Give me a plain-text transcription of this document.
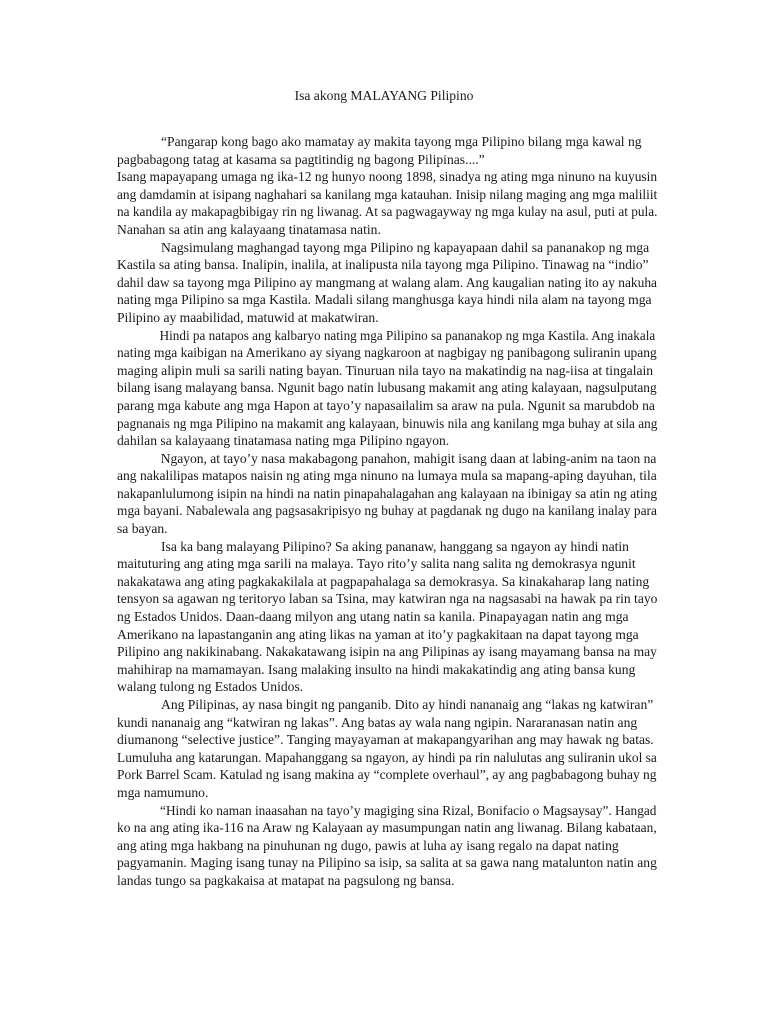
Isa akong MALAYANG Pilipino
“Pangarap kong bago ako mamatay ay makita tayong mga Pilipino bilang mga kawal ng
pagbabagong tatag at kasama sa pagtitindig ng bagong Pilipinas....”
Isang mapayapang umaga ng ika-12 ng hunyo noong 1898, sinadya ng ating mga ninuno na kuyusin
ang damdamin at isipang naghahari sa kanilang mga katauhan. Inisip nilang maging ang mga maliliit
na kandila ay makapagbibigay rin ng liwanag. At sa pagwagayway ng mga kulay na asul, puti at pula.
Nanahan sa atin ang kalayaang tinatamasa natin.
Nagsimulang maghangad tayong mga Pilipino ng kapayapaan dahil sa pananakop ng mga
Kastila sa ating bansa. Inalipin, inalila, at inalipusta nila tayong mga Pilipino. Tinawag na “indio”
dahil daw sa tayong mga Pilipino ay mangmang at walang alam. Ang kaugalian nating ito ay nakuha
nating mga Pilipino sa mga Kastila. Madali silang manghusga kaya hindi nila alam na tayong mga
Pilipino ay maabilidad, matuwid at makatwiran.
Hindi pa natapos ang kalbaryo nating mga Pilipino sa pananakop ng mga Kastila. Ang inakala
nating mga kaibigan na Amerikano ay siyang nagkaroon at nagbigay ng panibagong suliranin upang
maging alipin muli sa sarili nating bayan. Tinuruan nila tayo na makatindig na nag-iisa at tingalain
bilang isang malayang bansa. Ngunit bago natin lubusang makamit ang ating kalayaan, nagsulputang
parang mga kabute ang mga Hapon at tayo’y napasailalim sa araw na pula. Ngunit sa marubdob na
pagnanais ng mga Pilipino na makamit ang kalayaan, binuwis nila ang kanilang mga buhay at sila ang
dahilan sa kalayaang tinatamasa nating mga Pilipino ngayon.
Ngayon, at tayo’y nasa makabagong panahon, mahigit isang daan at labing-anim na taon na
ang nakalilipas matapos naisin ng ating mga ninuno na lumaya mula sa mapang-aping dayuhan, tila
nakapanlulumong isipin na hindi na natin pinapahalagahan ang kalayaan na ibinigay sa atin ng ating
mga bayani. Nabalewala ang pagsasakripisyo ng buhay at pagdanak ng dugo na kanilang inalay para
sa bayan.
Isa ka bang malayang Pilipino? Sa aking pananaw, hanggang sa ngayon ay hindi natin
maituturing ang ating mga sarili na malaya. Tayo rito’y salita nang salita ng demokrasya ngunit
nakakatawa ang ating pagkakakilala at pagpapahalaga sa demokrasya. Sa kinakaharap lang nating
tensyon sa agawan ng teritoryo laban sa Tsina, may katwiran nga na nagsasabi na hawak pa rin tayo
ng Estados Unidos. Daan-daang milyon ang utang natin sa kanila. Pinapayagan natin ang mga
Amerikano na lapastanganin ang ating likas na yaman at ito’y pagkakitaan na dapat tayong mga
Pilipino ang nakikinabang. Nakakatawang isipin na ang Pilipinas ay isang mayamang bansa na may
mahihirap na mamamayan. Isang malaking insulto na hindi makakatindig ang ating bansa kung
walang tulong ng Estados Unidos.
Ang Pilipinas, ay nasa bingit ng panganib. Dito ay hindi nananaig ang “lakas ng katwiran”
kundi nananaig ang “katwiran ng lakas”. Ang batas ay wala nang ngipin. Nararanasan natin ang
diumanong “selective justice”. Tanging mayayaman at makapangyarihan ang may hawak ng batas.
Lumuluha ang katarungan. Mapahanggang sa ngayon, ay hindi pa rin nalulutas ang suliranin ukol sa
Pork Barrel Scam. Katulad ng isang makina ay “complete overhaul”, ay ang pagbabagong buhay ng
mga namumuno.
“Hindi ko naman inaasahan na tayo’y magiging sina Rizal, Bonifacio o Magsaysay”. Hangad
ko na ang ating ika-116 na Araw ng Kalayaan ay masumpungan natin ang liwanag. Bilang kabataan,
ang ating mga hakbang na pinuhunan ng dugo, pawis at luha ay isang regalo na dapat nating
pagyamanin. Maging isang tunay na Pilipino sa isip, sa salita at sa gawa nang matalunton natin ang
landas tungo sa pagkakaisa at matapat na pagsulong ng bansa.
